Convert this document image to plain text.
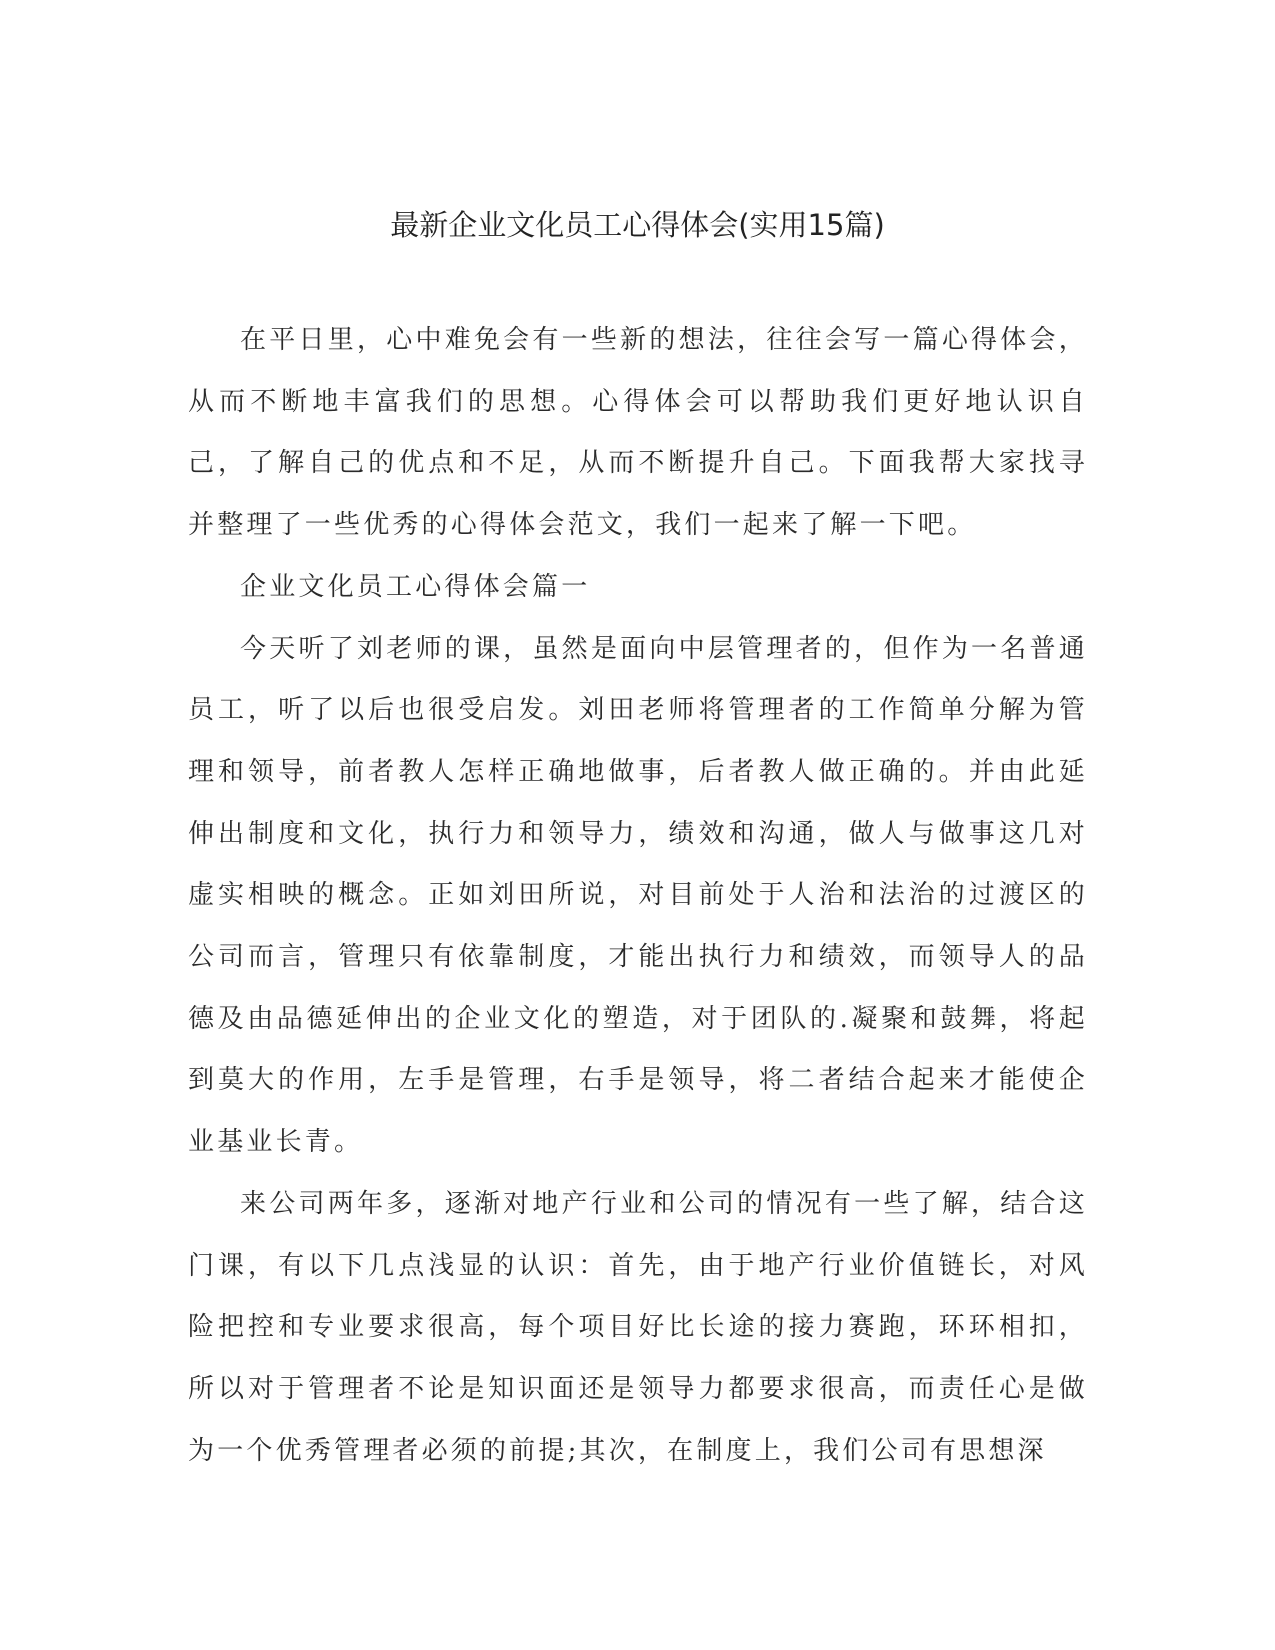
最新企业文化员工心得体会(实用15篇)

在平日里，心中难免会有一些新的想法，往往会写一篇心得体会，从而不断地丰富我们的思想。心得体会可以帮助我们更好地认识自己，了解自己的优点和不足，从而不断提升自己。下面我帮大家找寻并整理了一些优秀的心得体会范文，我们一起来了解一下吧。

企业文化员工心得体会篇一

今天听了刘老师的课，虽然是面向中层管理者的，但作为一名普通员工，听了以后也很受启发。刘田老师将管理者的工作简单分解为管理和领导，前者教人怎样正确地做事，后者教人做正确的。并由此延伸出制度和文化，执行力和领导力，绩效和沟通，做人与做事这几对虚实相映的概念。正如刘田所说，对目前处于人治和法治的过渡区的公司而言，管理只有依靠制度，才能出执行力和绩效，而领导人的品德及由品德延伸出的企业文化的塑造，对于团队的.凝聚和鼓舞，将起到莫大的作用，左手是管理，右手是领导，将二者结合起来才能使企业基业长青。

来公司两年多，逐渐对地产行业和公司的情况有一些了解，结合这门课，有以下几点浅显的认识：首先，由于地产行业价值链长，对风险把控和专业要求很高，每个项目好比长途的接力赛跑，环环相扣，所以对于管理者不论是知识面还是领导力都要求很高，而责任心是做为一个优秀管理者必须的前提;其次，在制度上，我们公司有思想深
